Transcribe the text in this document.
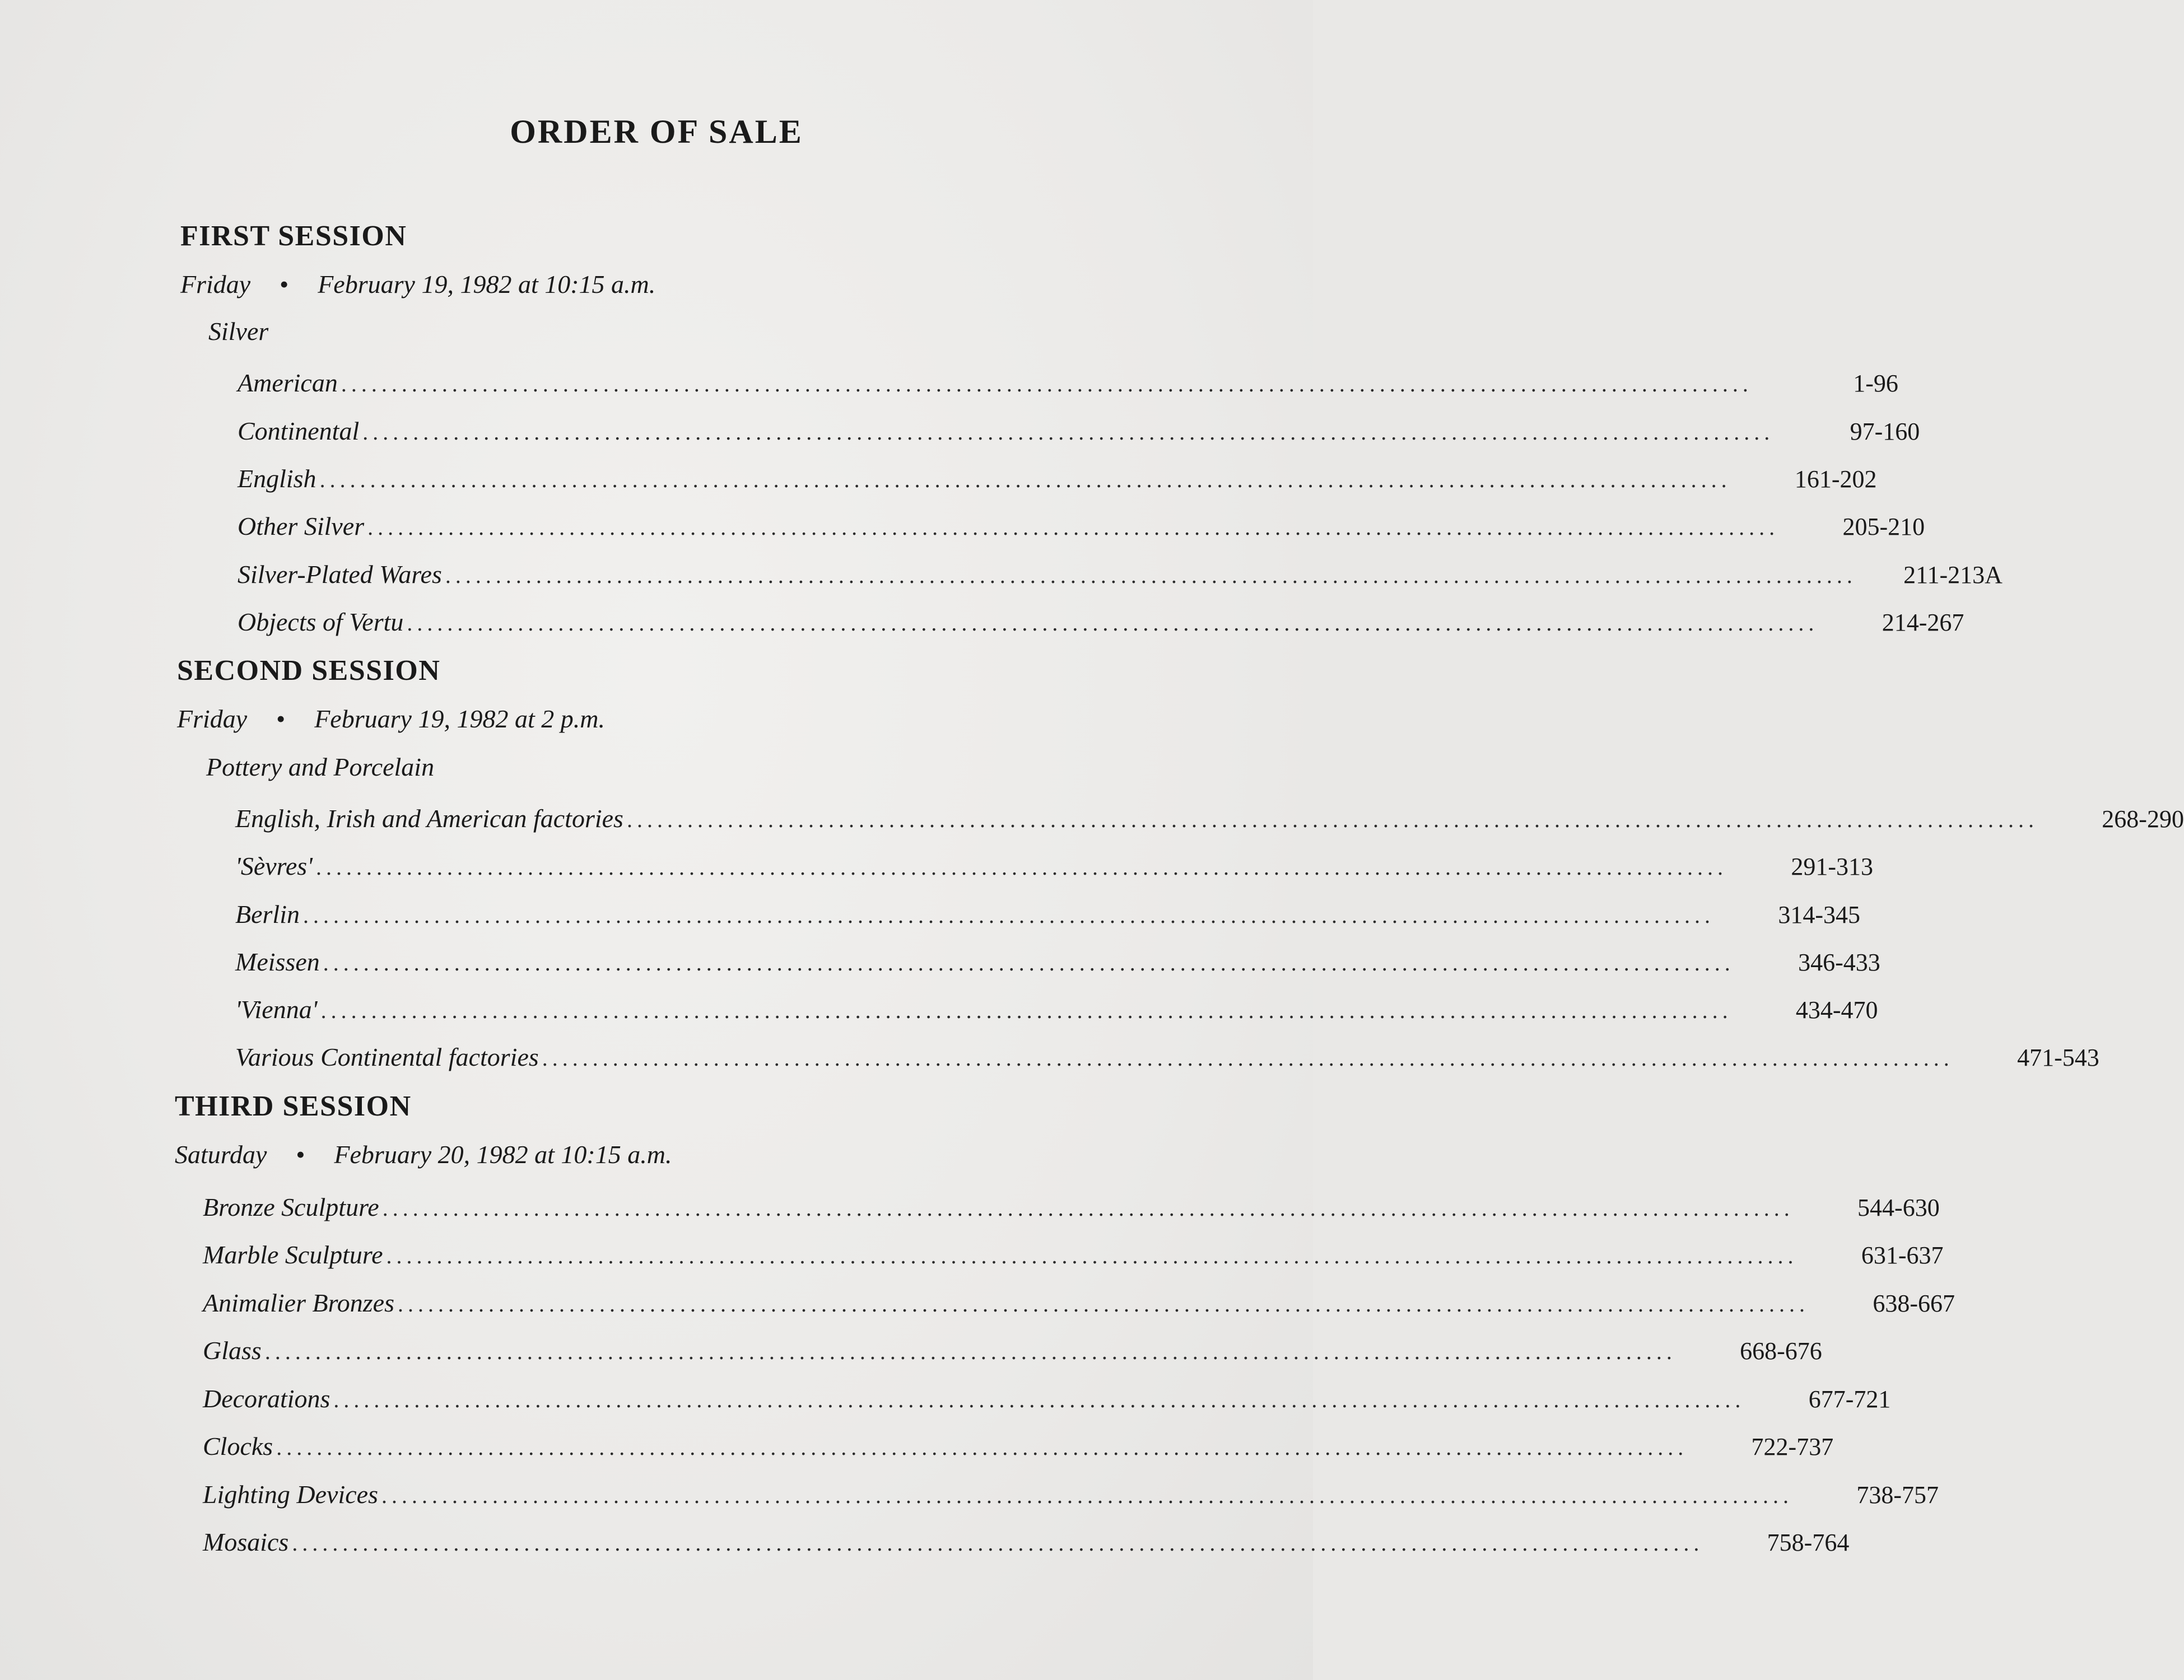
ORDER OF SALE
FIRST SESSION
Friday • February 19, 1982 at 10:15 a.m.
Silver
American ............................................................................................................................................	1-96
Continental ............................................................................................................................................	97-160
English ............................................................................................................................................	161-202
Other Silver ............................................................................................................................................	205-210
Silver-Plated Wares ............................................................................................................................................	211-213A
Objects of Vertu ............................................................................................................................................	214-267
SECOND SESSION
Friday • February 19, 1982 at 2 p.m.
Pottery and Porcelain
English, Irish and American factories ............................................................................................................................................	268-290
'Sèvres' ............................................................................................................................................	291-313
Berlin ............................................................................................................................................	314-345
Meissen ............................................................................................................................................	346-433
'Vienna' ............................................................................................................................................	434-470
Various Continental factories ............................................................................................................................................	471-543
THIRD SESSION
Saturday • February 20, 1982 at 10:15 a.m.
Bronze Sculpture ............................................................................................................................................	544-630
Marble Sculpture ............................................................................................................................................	631-637
Animalier Bronzes ............................................................................................................................................	638-667
Glass ............................................................................................................................................	668-676
Decorations ............................................................................................................................................	677-721
Clocks ............................................................................................................................................	722-737
Lighting Devices ............................................................................................................................................	738-757
Mosaics ............................................................................................................................................	758-764
